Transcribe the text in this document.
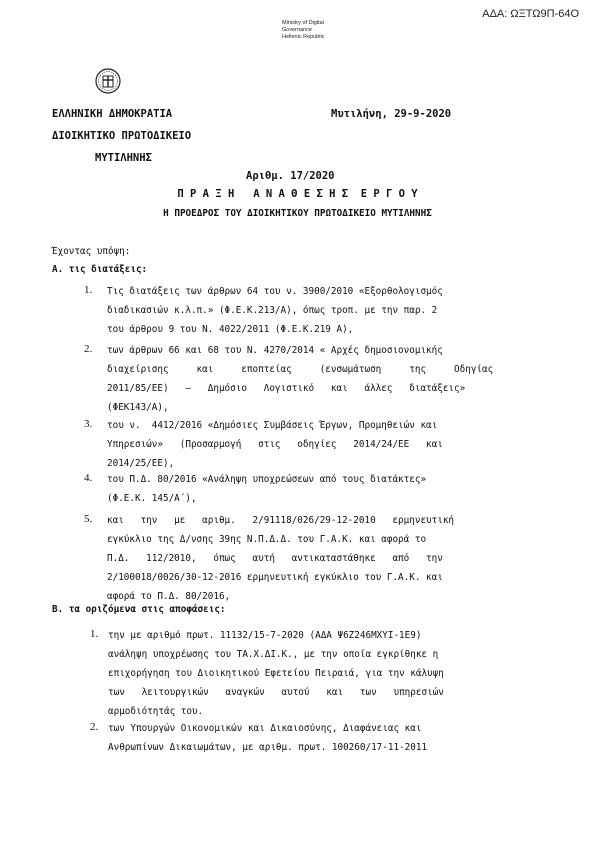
ΑΔΑ: ΩΞΤΩ9Π-64Ο
Ministry of Digital
Governance
Hellenic Republic
ΕΛΛΗΝΙΚΗ ΔΗΜΟΚΡΑΤΙΑ
ΔΙΟΙΚΗΤΙΚΟ ΠΡΩΤΟΔΙΚΕΙΟ
ΜΥΤΙΛΗΝΗΣ
Μυτιλήνη, 29-9-2020
Αριθμ. 17/2020
Π Ρ Α Ξ Η   Α Ν Α Θ Ε Σ Η Σ  Ε Ρ Γ Ο Υ
Η ΠΡΟΕΔΡΟΣ ΤΟΥ ΔΙΟΙΚΗΤΙΚΟΥ ΠΡΩΤΟΔΙΚΕΙΟ ΜΥΤΙΛΗΝΗΣ
Έχοντας υπόψη:
Α. τις διατάξεις:
1. Τις διατάξεις των άρθρων 64 του ν. 3900/2010 «Εξορθολογισμός
διαδικασιών κ.λ.π.» (Φ.Ε.Κ.213/Α), όπως τροπ. με την παρ. 2
του άρθρου 9 του Ν. 4022/2011 (Φ.Ε.Κ.219 Α),
2. των άρθρων 66 και 68 του Ν. 4270/2014 « Αρχές δημοσιονομικής
διαχείρισης     και     εποπτείας     (ενσωμάτωση     της     Οδηγίας
2011/85/ΕΕ)   –   Δημόσιο   Λογιστικό   και   άλλες   διατάξεις»
(ΦΕΚ143/Α),
3. του ν.  4412/2016 «Δημόσιες Συμβάσεις Έργων, Προμηθειών και
Υπηρεσιών»   (Προσαρμογή   στις   οδηγίες   2014/24/ΕΕ   και
2014/25/ΕΕ),
4. του Π.Δ. 80/2016 «Ανάληψη υποχρεώσεων από τους διατάκτες»
(Φ.Ε.Κ. 145/Α΄),
5. και   την   με   αριθμ.   2/91118/026/29-12-2010   ερμηνευτική
εγκύκλιο της Δ/νσης 39ης Ν.Π.Δ.Δ. του Γ.Α.Κ. και αφορά το
Π.Δ.   112/2010,   όπως   αυτή   αντικαταστάθηκε   από   την
2/100018/0026/30-12-2016 ερμηνευτική εγκύκλιο του Γ.Α.Κ. και
αφορά το Π.Δ. 80/2016,
Β. τα οριζόμενα στις αποφάσεις:
1. την με αριθμό πρωτ. 11132/15-7-2020 (ΑΔΑ Ψ6Ζ246ΜΧΥΙ-1Ε9)
ανάληψη υποχρέωσης του ΤΑ.Χ.ΔΙ.Κ., με την οποία εγκρίθηκε η
επιχορήγηση του Διοικητικού Εφετείου Πειραιά, για την κάλυψη
των   λειτουργικών   αναγκών   αυτού   και   των   υπηρεσιών
αρμοδιότητάς του.
2. των Υπουργών Οικονομικών και Δικαιοσύνης, Διαφάνειας και
Ανθρωπίνων Δικαιωμάτων, με αριθμ. πρωτ. 100260/17-11-2011
